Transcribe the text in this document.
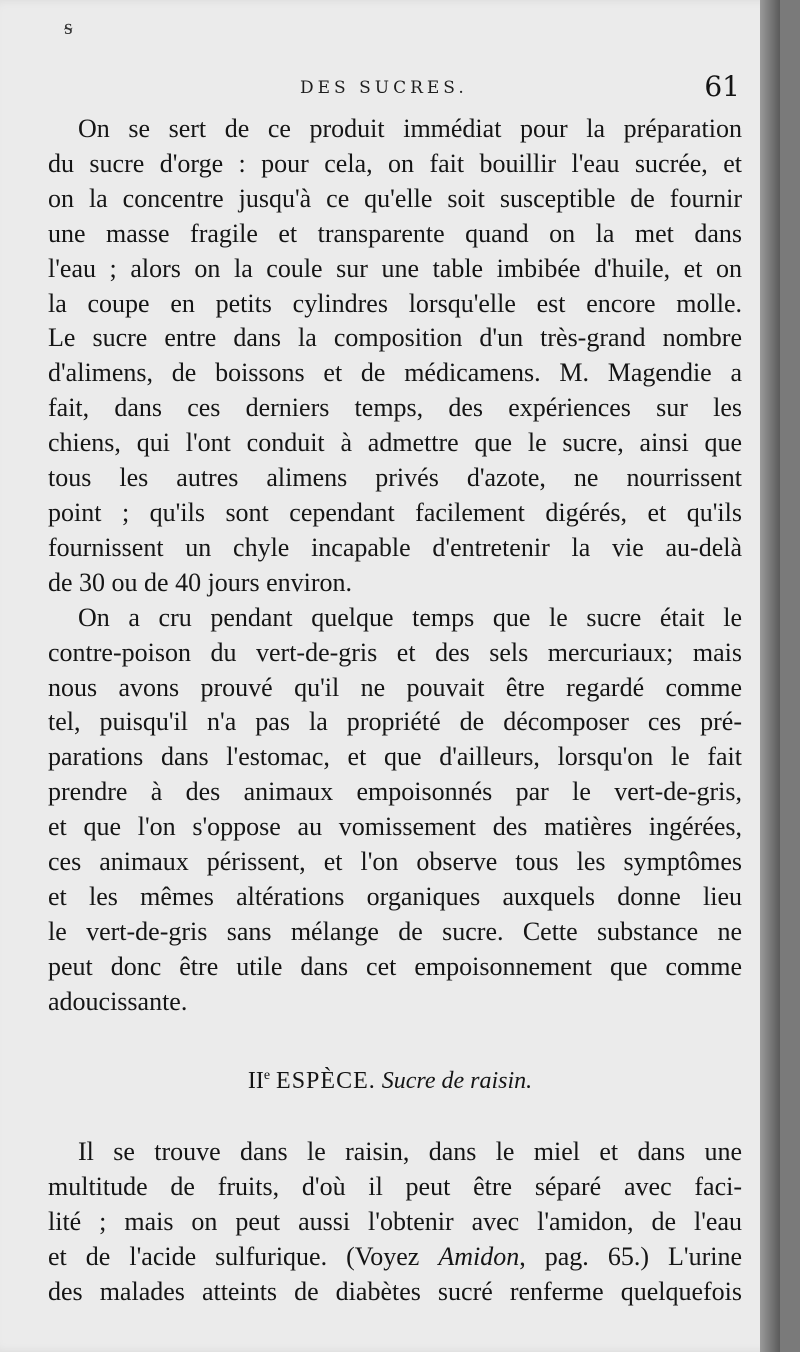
ᵴ
DES SUCRES.	61
On se sert de ce produit immédiat pour la préparation
du sucre d'orge : pour cela, on fait bouillir l'eau sucrée, et
on la concentre jusqu'à ce qu'elle soit susceptible de fournir
une masse fragile et transparente quand on la met dans
l'eau ; alors on la coule sur une table imbibée d'huile, et on
la coupe en petits cylindres lorsqu'elle est encore molle.
Le sucre entre dans la composition d'un très-grand nombre
d'alimens, de boissons et de médicamens. M. Magendie a
fait, dans ces derniers temps, des expériences sur les
chiens, qui l'ont conduit à admettre que le sucre, ainsi que
tous les autres alimens privés d'azote, ne nourrissent
point ; qu'ils sont cependant facilement digérés, et qu'ils
fournissent un chyle incapable d'entretenir la vie au-delà
de 30 ou de 40 jours environ.
On a cru pendant quelque temps que le sucre était le
contre-poison du vert-de-gris et des sels mercuriaux; mais
nous avons prouvé qu'il ne pouvait être regardé comme
tel, puisqu'il n'a pas la propriété de décomposer ces pré-
parations dans l'estomac, et que d'ailleurs, lorsqu'on le fait
prendre à des animaux empoisonnés par le vert-de-gris,
et que l'on s'oppose au vomissement des matières ingérées,
ces animaux périssent, et l'on observe tous les symptômes
et les mêmes altérations organiques auxquels donne lieu
le vert-de-gris sans mélange de sucre. Cette substance ne
peut donc être utile dans cet empoisonnement que comme
adoucissante.
IIe ESPÈCE. Sucre de raisin.
Il se trouve dans le raisin, dans le miel et dans une
multitude de fruits, d'où il peut être séparé avec faci-
lité ; mais on peut aussi l'obtenir avec l'amidon, de l'eau
et de l'acide sulfurique. (Voyez Amidon, pag. 65.) L'urine
des malades atteints de diabètes sucré renferme quelquefois
